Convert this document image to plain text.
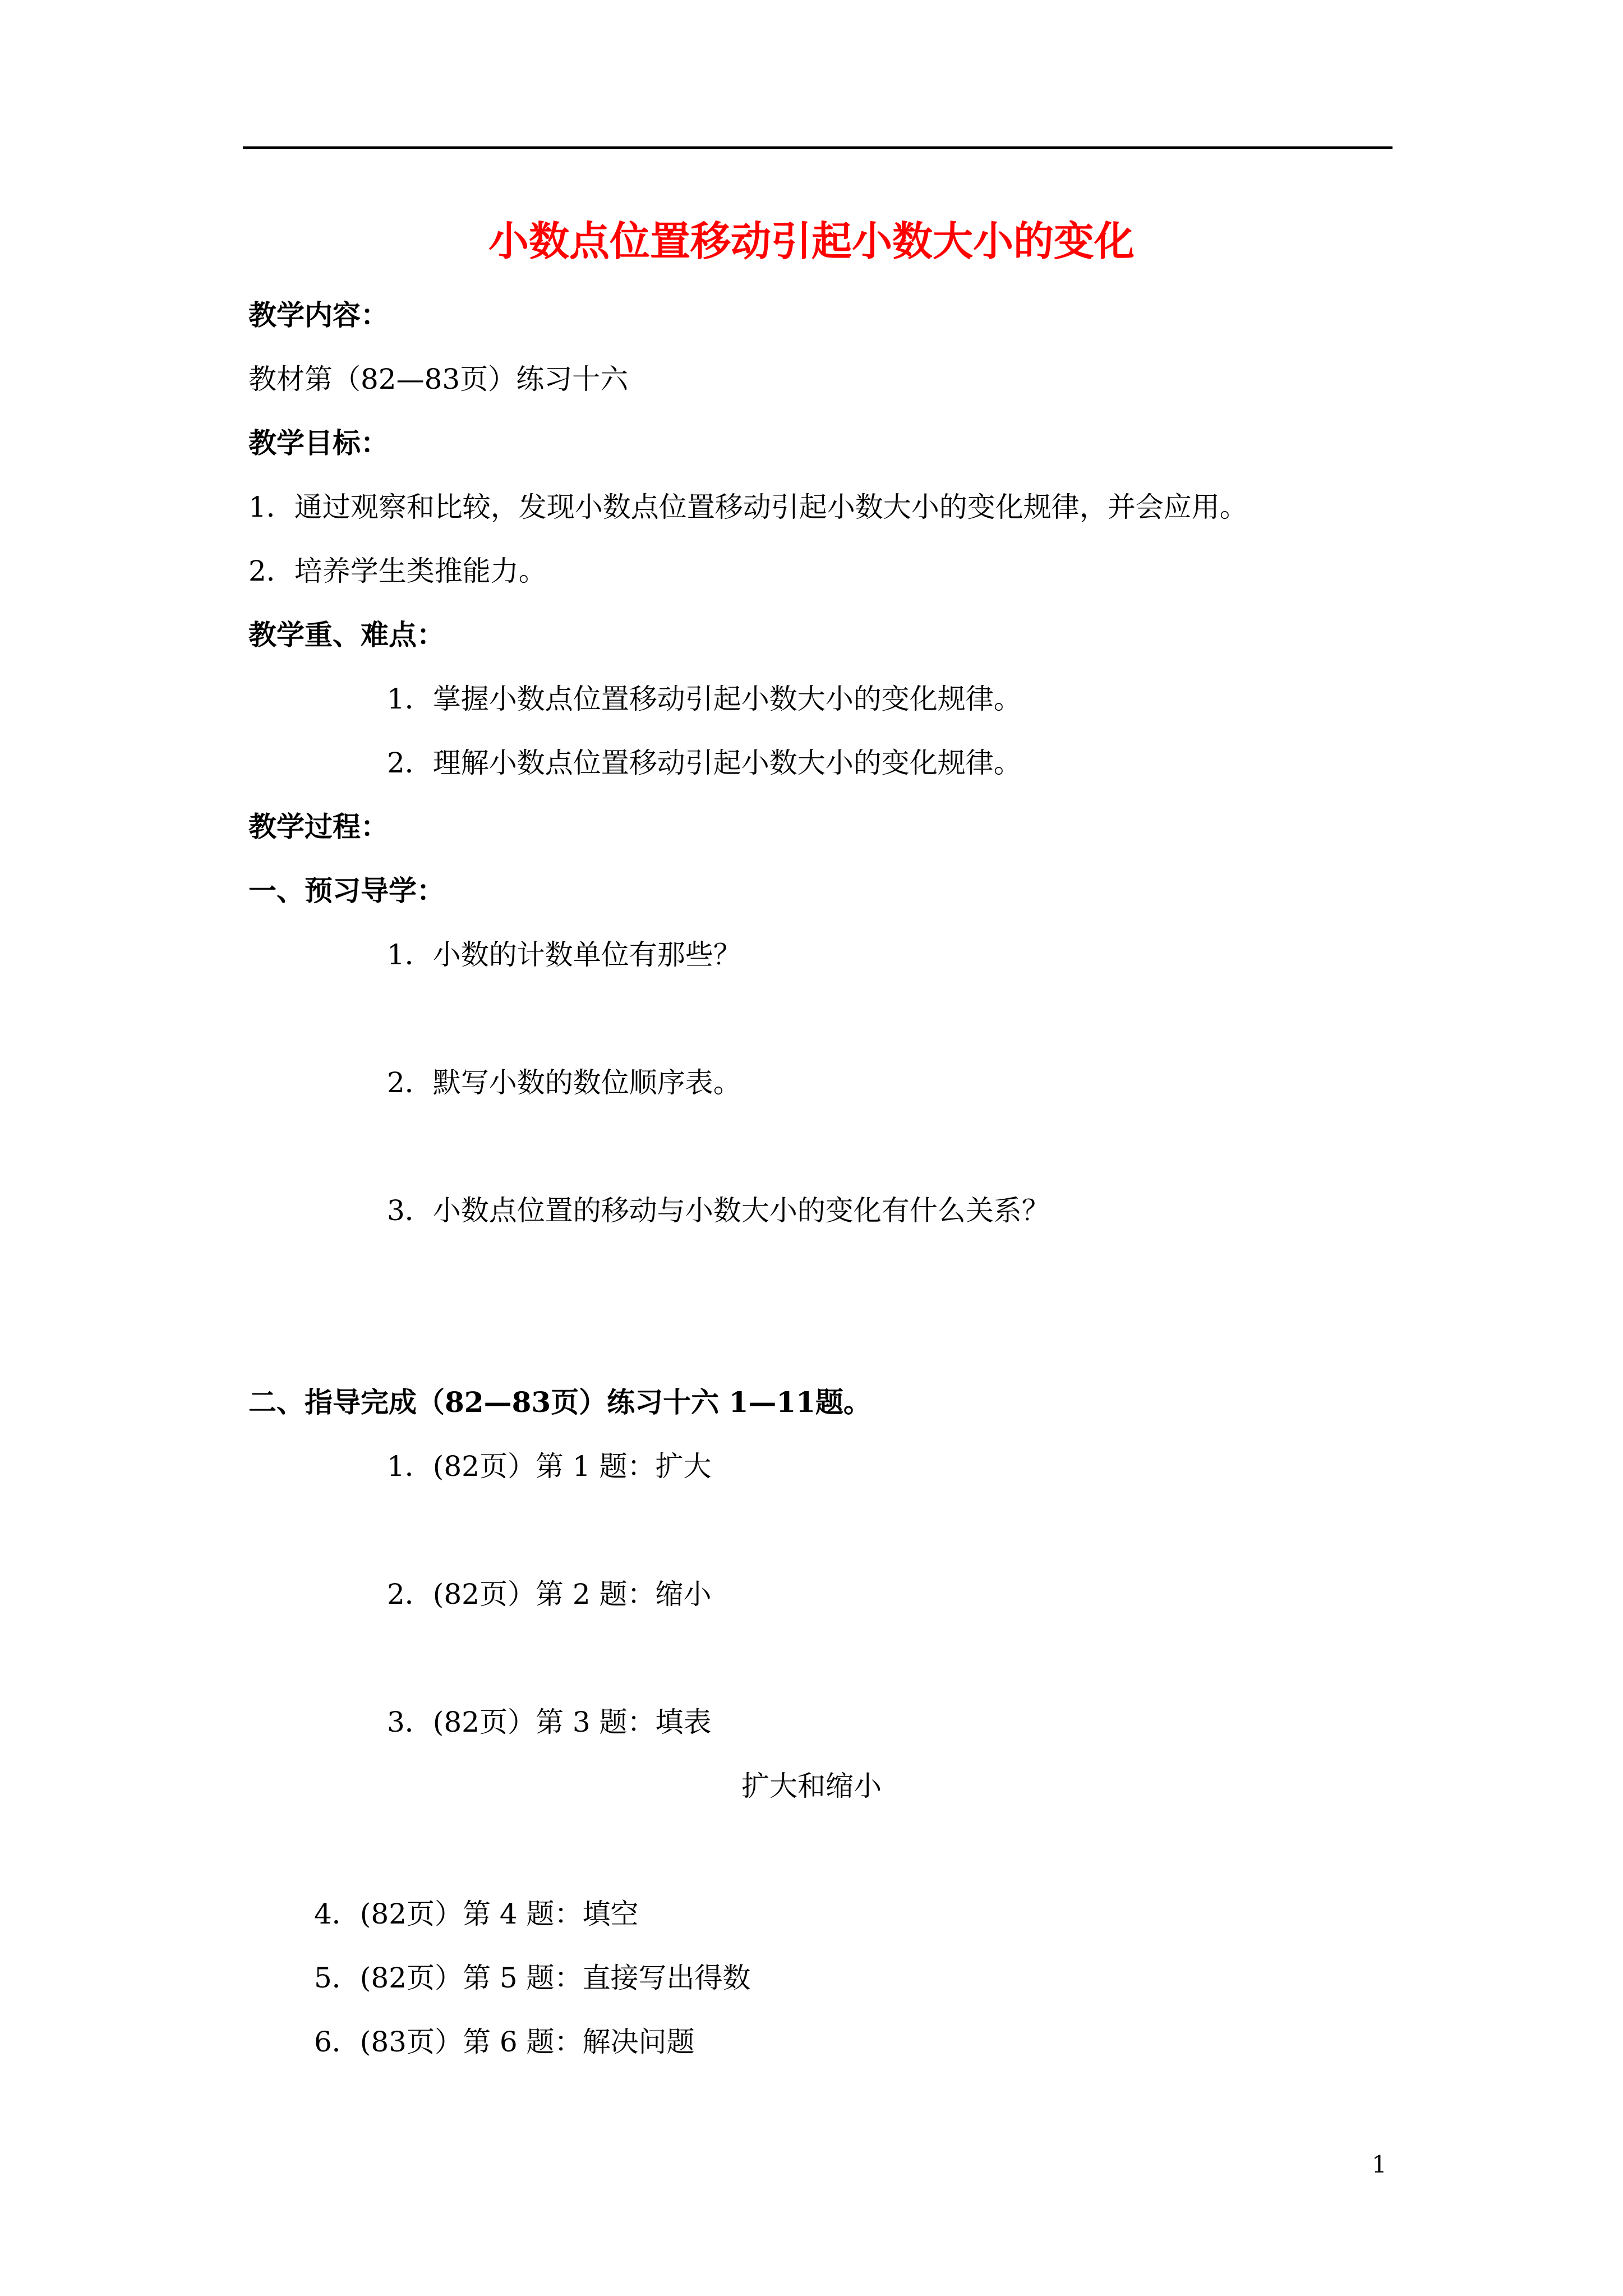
小数点位置移动引起小数大小的变化
教学内容：
教材第（82—83页）练习十六
教学目标：
1．通过观察和比较，发现小数点位置移动引起小数大小的变化规律，并会应用。
2．培养学生类推能力。
教学重、难点：
1．掌握小数点位置移动引起小数大小的变化规律。
2．理解小数点位置移动引起小数大小的变化规律。
教学过程：
一、预习导学：
1．小数的计数单位有那些？
2．默写小数的数位顺序表。
3．小数点位置的移动与小数大小的变化有什么关系？
二、指导完成（82—83页）练习十六 1—11题。
1．(82页）第 1 题：扩大
2．(82页）第 2 题：缩小
3．(82页）第 3 题：填表
扩大和缩小
4．(82页）第 4 题：填空
5．(82页）第 5 题：直接写出得数
6．(83页）第 6 题：解决问题
1
